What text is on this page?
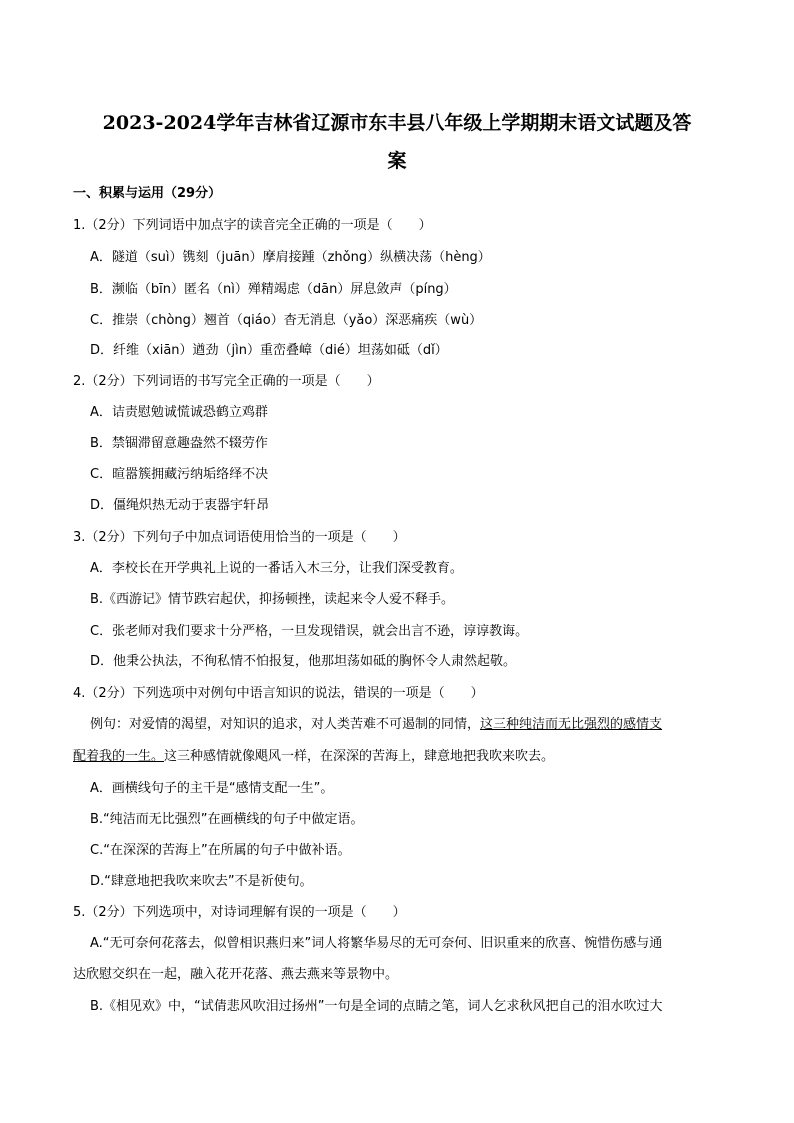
2023-2024学年吉林省辽源市东丰县八年级上学期期末语文试题及答
案
一、积累与运用（29分）
1.（2分）下列词语中加点字的读音完全正确的一项是（　　）
A．隧道（suì）镌刻（juān）摩肩接踵（zhǒng）纵横决荡（hèng）
B．濒临（bīn）匿名（nì）殚精竭虑（dān）屏息敛声（píng）
C．推崇（chòng）翘首（qiáo）杳无消息（yǎo）深恶痛疾（wù）
D．纤维（xiān）遒劲（jìn）重峦叠嶂（dié）坦荡如砥（dǐ）
2.（2分）下列词语的书写完全正确的一项是（　　）
A．诘责慰勉诚慌诚恐鹤立鸡群
B．禁锢滞留意趣盎然不辍劳作
C．暄嚣簇拥藏污纳垢络绎不决
D．僵绳炽热无动于衷器宇轩昂
3.（2分）下列句子中加点词语使用恰当的一项是（　　）
A．李校长在开学典礼上说的一番话入木三分，让我们深受教育。
B.《西游记》情节跌宕起伏，抑扬顿挫，读起来令人爱不释手。
C．张老师对我们要求十分严格，一旦发现错误，就会出言不逊，谆谆教诲。
D．他秉公执法，不徇私情不怕报复，他那坦荡如砥的胸怀令人肃然起敬。
4.（2分）下列选项中对例句中语言知识的说法，错误的一项是（　　）
例句：对爱情的渴望，对知识的追求，对人类苦难不可遏制的同情，这三种纯洁而无比强烈的感情支
配着我的一生。这三种感情就像飓风一样，在深深的苦海上，肆意地把我吹来吹去。
A．画横线句子的主干是“感情支配一生”。
B.“纯洁而无比强烈”在画横线的句子中做定语。
C.“在深深的苦海上”在所属的句子中做补语。
D.“肆意地把我吹来吹去”不是祈使句。
5.（2分）下列选项中，对诗词理解有误的一项是（　　）
A.“无可奈何花落去，似曾相识燕归来”词人将繁华易尽的无可奈何、旧识重来的欣喜、惋惜伤感与通
达欣慰交织在一起，融入花开花落、燕去燕来等景物中。
B.《相见欢》中，“试倩悲风吹泪过扬州”一句是全词的点睛之笔，词人乞求秋风把自己的泪水吹过大
